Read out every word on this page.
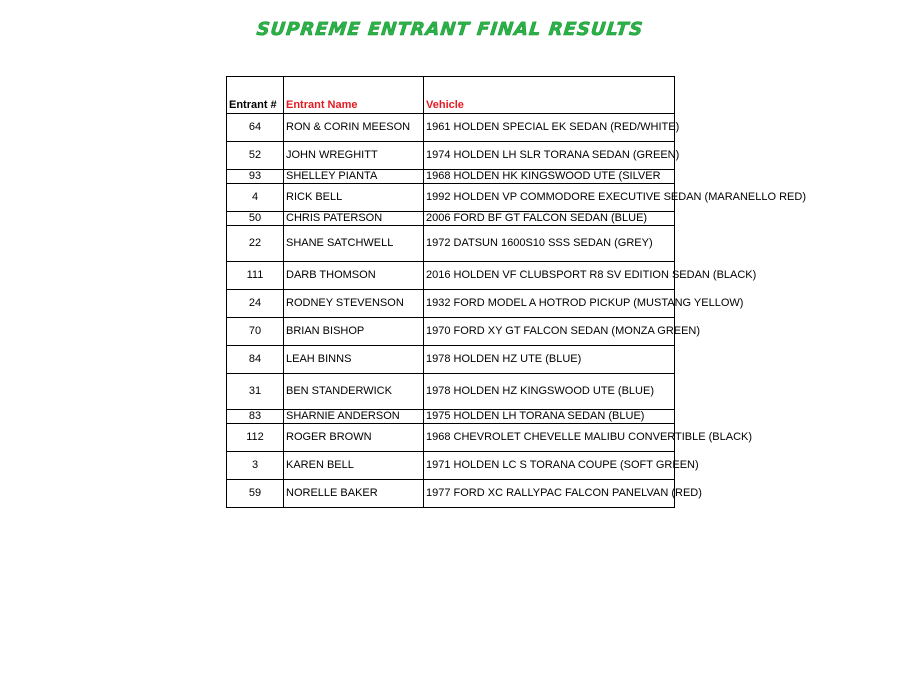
SUPREME ENTRANT FINAL RESULTS
Entrant #	Entrant Name	Vehicle
64	RON & CORIN MEESON	1961 HOLDEN SPECIAL EK SEDAN (RED/WHITE)
52	JOHN WREGHITT	1974 HOLDEN LH SLR TORANA SEDAN (GREEN)
93	SHELLEY PIANTA	1968 HOLDEN HK KINGSWOOD UTE (SILVER
4	RICK BELL	1992 HOLDEN VP COMMODORE EXECUTIVE SEDAN (MARANELLO RED)
50	CHRIS PATERSON	2006 FORD BF GT FALCON SEDAN (BLUE)
22	SHANE SATCHWELL	1972 DATSUN 1600S10 SSS SEDAN (GREY)
111	DARB THOMSON	2016 HOLDEN VF CLUBSPORT R8 SV EDITION SEDAN (BLACK)
24	RODNEY STEVENSON	1932 FORD MODEL A HOTROD PICKUP (MUSTANG YELLOW)
70	BRIAN BISHOP	1970 FORD XY GT FALCON SEDAN (MONZA GREEN)
84	LEAH BINNS	1978 HOLDEN HZ UTE (BLUE)
31	BEN STANDERWICK	1978 HOLDEN HZ KINGSWOOD UTE (BLUE)
83	SHARNIE ANDERSON	1975 HOLDEN LH TORANA SEDAN (BLUE)
112	ROGER BROWN	1968 CHEVROLET CHEVELLE MALIBU CONVERTIBLE (BLACK)
3	KAREN BELL	1971 HOLDEN LC S TORANA COUPE (SOFT GREEN)
59	NORELLE BAKER	1977 FORD XC RALLYPAC FALCON PANELVAN (RED)
